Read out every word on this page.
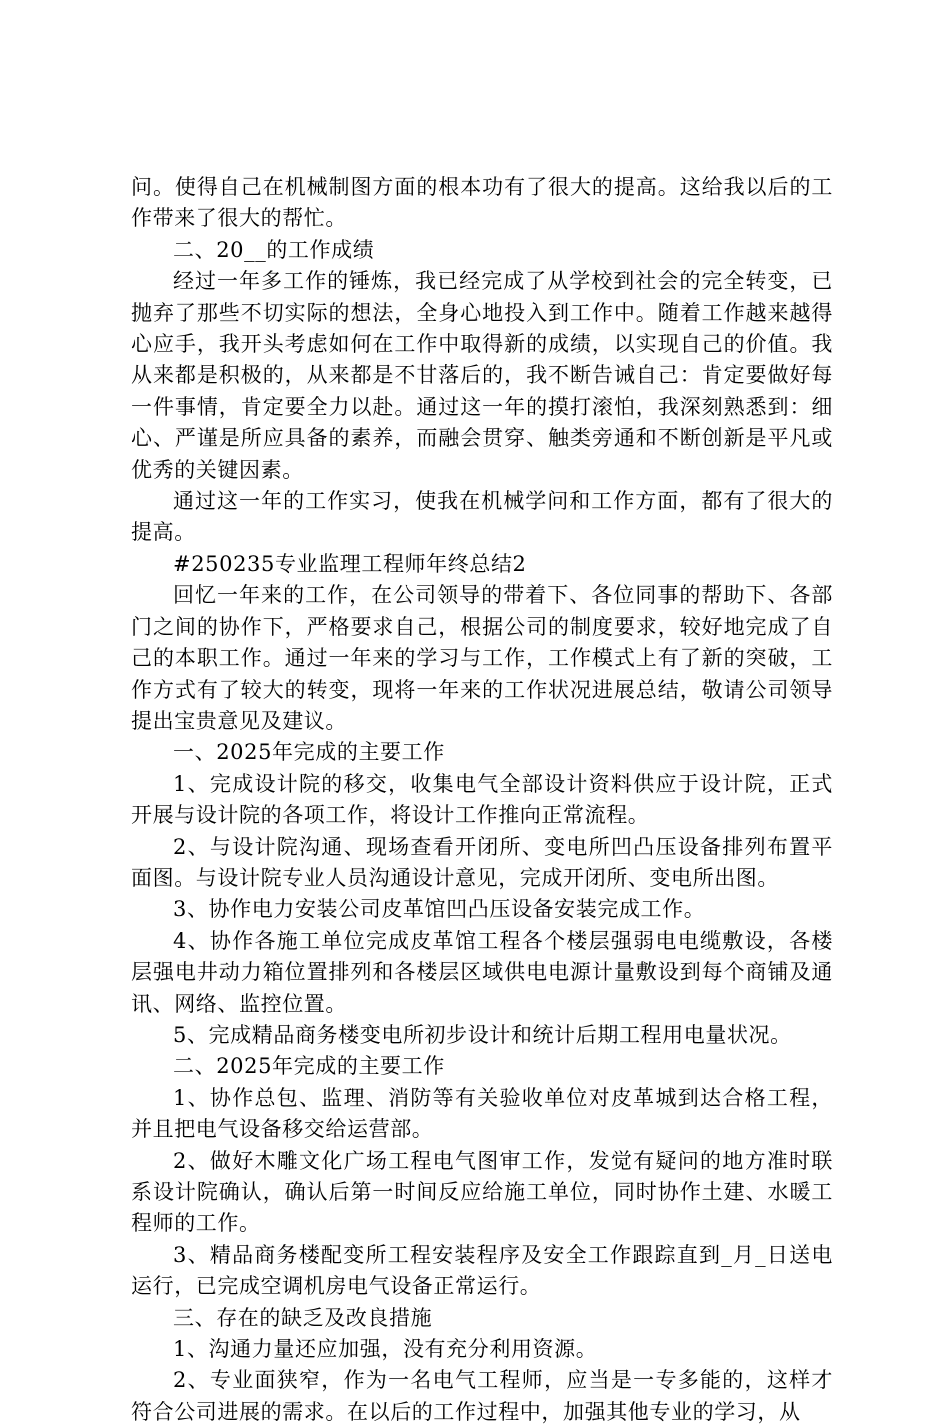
问。使得自己在机械制图方面的根本功有了很大的提高。这给我以后的工作带来了很大的帮忙。

二、20__的工作成绩

经过一年多工作的锤炼，我已经完成了从学校到社会的完全转变，已抛弃了那些不切实际的想法，全身心地投入到工作中。随着工作越来越得心应手，我开头考虑如何在工作中取得新的成绩，以实现自己的价值。我从来都是积极的，从来都是不甘落后的，我不断告诫自己：肯定要做好每一件事情，肯定要全力以赴。通过这一年的摸打滚怕，我深刻熟悉到：细心、严谨是所应具备的素养，而融会贯穿、触类旁通和不断创新是平凡或优秀的关键因素。

通过这一年的工作实习，使我在机械学问和工作方面，都有了很大的提高。

#250235专业监理工程师年终总结2

回忆一年来的工作，在公司领导的带着下、各位同事的帮助下、各部门之间的协作下，严格要求自己，根据公司的制度要求，较好地完成了自己的本职工作。通过一年来的学习与工作，工作模式上有了新的突破，工作方式有了较大的转变，现将一年来的工作状况进展总结，敬请公司领导提出宝贵意见及建议。

一、2025年完成的主要工作

1、完成设计院的移交，收集电气全部设计资料供应于设计院，正式开展与设计院的各项工作，将设计工作推向正常流程。

2、与设计院沟通、现场查看开闭所、变电所凹凸压设备排列布置平面图。与设计院专业人员沟通设计意见，完成开闭所、变电所出图。

3、协作电力安装公司皮革馆凹凸压设备安装完成工作。

4、协作各施工单位完成皮革馆工程各个楼层强弱电电缆敷设，各楼层强电井动力箱位置排列和各楼层区域供电电源计量敷设到每个商铺及通讯、网络、监控位置。

5、完成精品商务楼变电所初步设计和统计后期工程用电量状况。

二、2025年完成的主要工作

1、协作总包、监理、消防等有关验收单位对皮革城到达合格工程，并且把电气设备移交给运营部。

2、做好木雕文化广场工程电气图审工作，发觉有疑问的地方准时联系设计院确认，确认后第一时间反应给施工单位，同时协作土建、水暖工程师的工作。

3、精品商务楼配变所工程安装程序及安全工作跟踪直到_月_日送电运行，已完成空调机房电气设备正常运行。

三、存在的缺乏及改良措施

1、沟通力量还应加强，没有充分利用资源。

2、专业面狭窄，作为一名电气工程师，应当是一专多能的，这样才符合公司进展的需求。在以后的工作过程中，加强其他专业的学习，从
